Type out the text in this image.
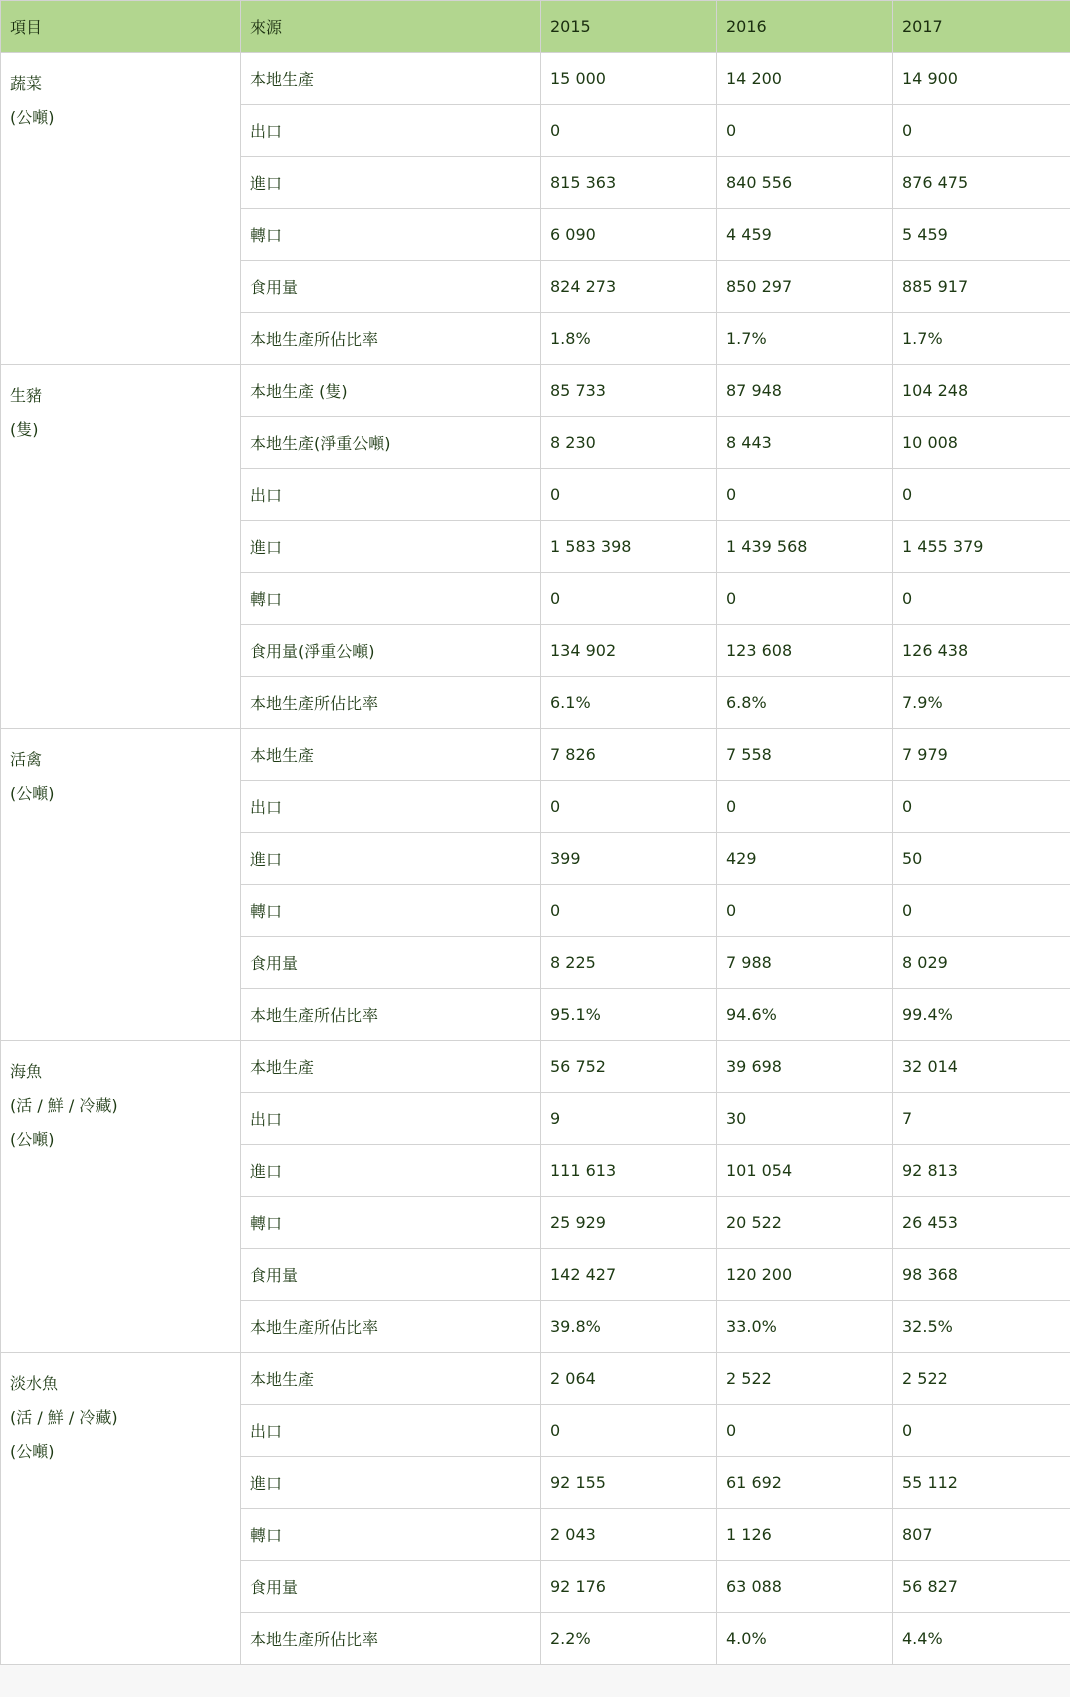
項目	來源	2015	2016	2017

蔬菜
(公噸)	本地生產	15 000	14 200	14 900
	出口	0	0	0
	進口	815 363	840 556	876 475
	轉口	6 090	4 459	5 459
	食用量	824 273	850 297	885 917
	本地生產所佔比率	1.8%	1.7%	1.7%

生豬
(隻)	本地生產 (隻)	85 733	87 948	104 248
	本地生產(淨重公噸)	8 230	8 443	10 008
	出口	0	0	0
	進口	1 583 398	1 439 568	1 455 379
	轉口	0	0	0
	食用量(淨重公噸)	134 902	123 608	126 438
	本地生產所佔比率	6.1%	6.8%	7.9%

活禽
(公噸)	本地生產	7 826	7 558	7 979
	出口	0	0	0
	進口	399	429	50
	轉口	0	0	0
	食用量	8 225	7 988	8 029
	本地生產所佔比率	95.1%	94.6%	99.4%

海魚
(活 / 鮮 / 冷藏)
(公噸)	本地生產	56 752	39 698	32 014
	出口	9	30	7
	進口	111 613	101 054	92 813
	轉口	25 929	20 522	26 453
	食用量	142 427	120 200	98 368
	本地生產所佔比率	39.8%	33.0%	32.5%

淡水魚
(活 / 鮮 / 冷藏)
(公噸)	本地生產	2 064	2 522	2 522
	出口	0	0	0
	進口	92 155	61 692	55 112
	轉口	2 043	1 126	807
	食用量	92 176	63 088	56 827
	本地生產所佔比率	2.2%	4.0%	4.4%
